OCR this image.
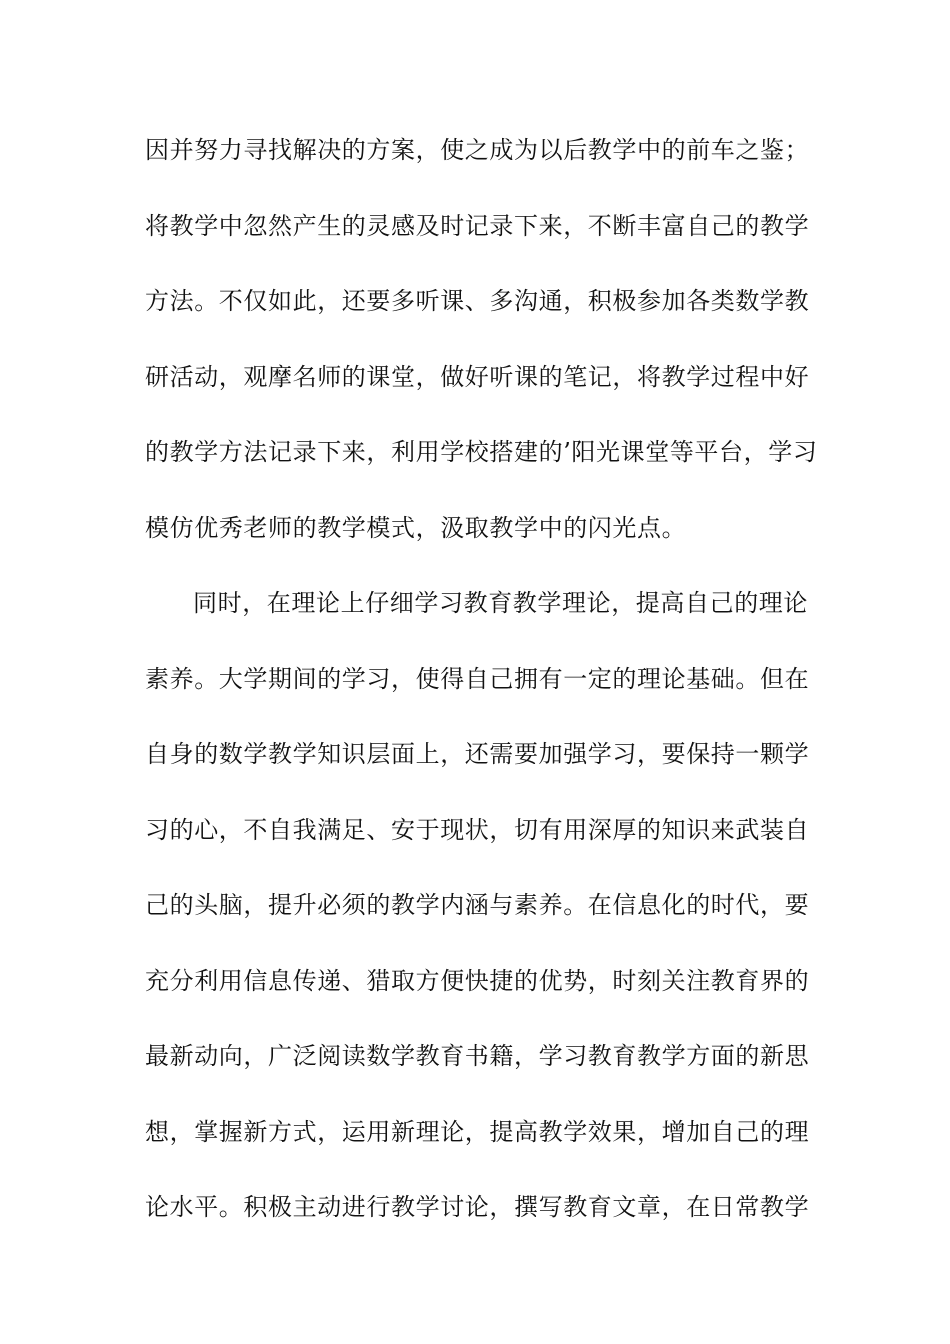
因并努力寻找解决的方案，使之成为以后教学中的前车之鉴；
将教学中忽然产生的灵感及时记录下来，不断丰富自己的教学
方法。不仅如此，还要多听课、多沟通，积极参加各类数学教
研活动，观摩名师的课堂，做好听课的笔记，将教学过程中好
的教学方法记录下来，利用学校搭建的’阳光课堂等平台，学习
模仿优秀老师的教学模式，汲取教学中的闪光点。
同时，在理论上仔细学习教育教学理论，提高自己的理论
素养。大学期间的学习，使得自己拥有一定的理论基础。但在
自身的数学教学知识层面上，还需要加强学习，要保持一颗学
习的心，不自我满足、安于现状，切有用深厚的知识来武装自
己的头脑，提升必须的教学内涵与素养。在信息化的时代，要
充分利用信息传递、猎取方便快捷的优势，时刻关注教育界的
最新动向，广泛阅读数学教育书籍，学习教育教学方面的新思
想，掌握新方式，运用新理论，提高教学效果，增加自己的理
论水平。积极主动进行教学讨论，撰写教育文章，在日常教学
